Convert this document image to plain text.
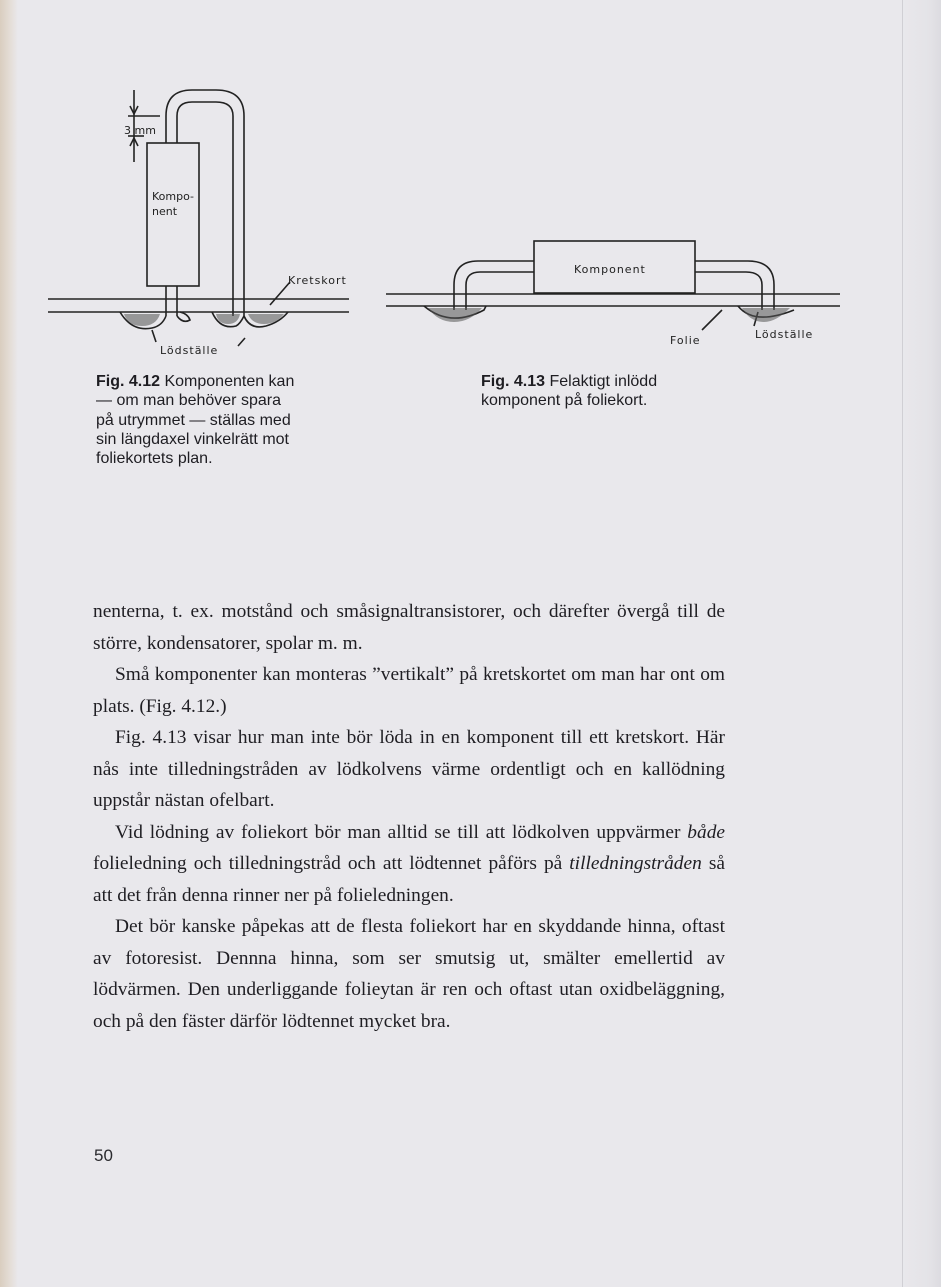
3 mm
Kompo-
nent
Kretskort
Lödställe
Fig. 4.12 Komponenten kan
— om man behöver spara
på utrymmet — ställas med
sin längdaxel vinkelrätt mot
foliekortets plan.
Komponent
Folie	Lödställe
Fig. 4.13 Felaktigt inlödd
komponent på foliekort.

nenterna, t. ex. motstånd och småsignaltransistorer, och därefter övergå till de större, kondensatorer, spolar m. m.

Små komponenter kan monteras ”vertikalt” på kretskortet om man har ont om plats. (Fig. 4.12.)

Fig. 4.13 visar hur man inte bör löda in en komponent till ett kretskort. Här nås inte tilledningstråden av lödkolvens värme ordentligt och en kallödning uppstår nästan ofelbart.

Vid lödning av foliekort bör man alltid se till att lödkolven uppvärmer både folieledning och tilledningstråd och att lödtennet påförs på tilledningstråden så att det från denna rinner ner på folieledningen.

Det bör kanske påpekas att de flesta foliekort har en skyddande hinna, oftast av fotoresist. Dennna hinna, som ser smutsig ut, smälter emellertid av lödvärmen. Den underliggande folieytan är ren och oftast utan oxidbeläggning, och på den fäster därför lödtennet mycket bra.

50
